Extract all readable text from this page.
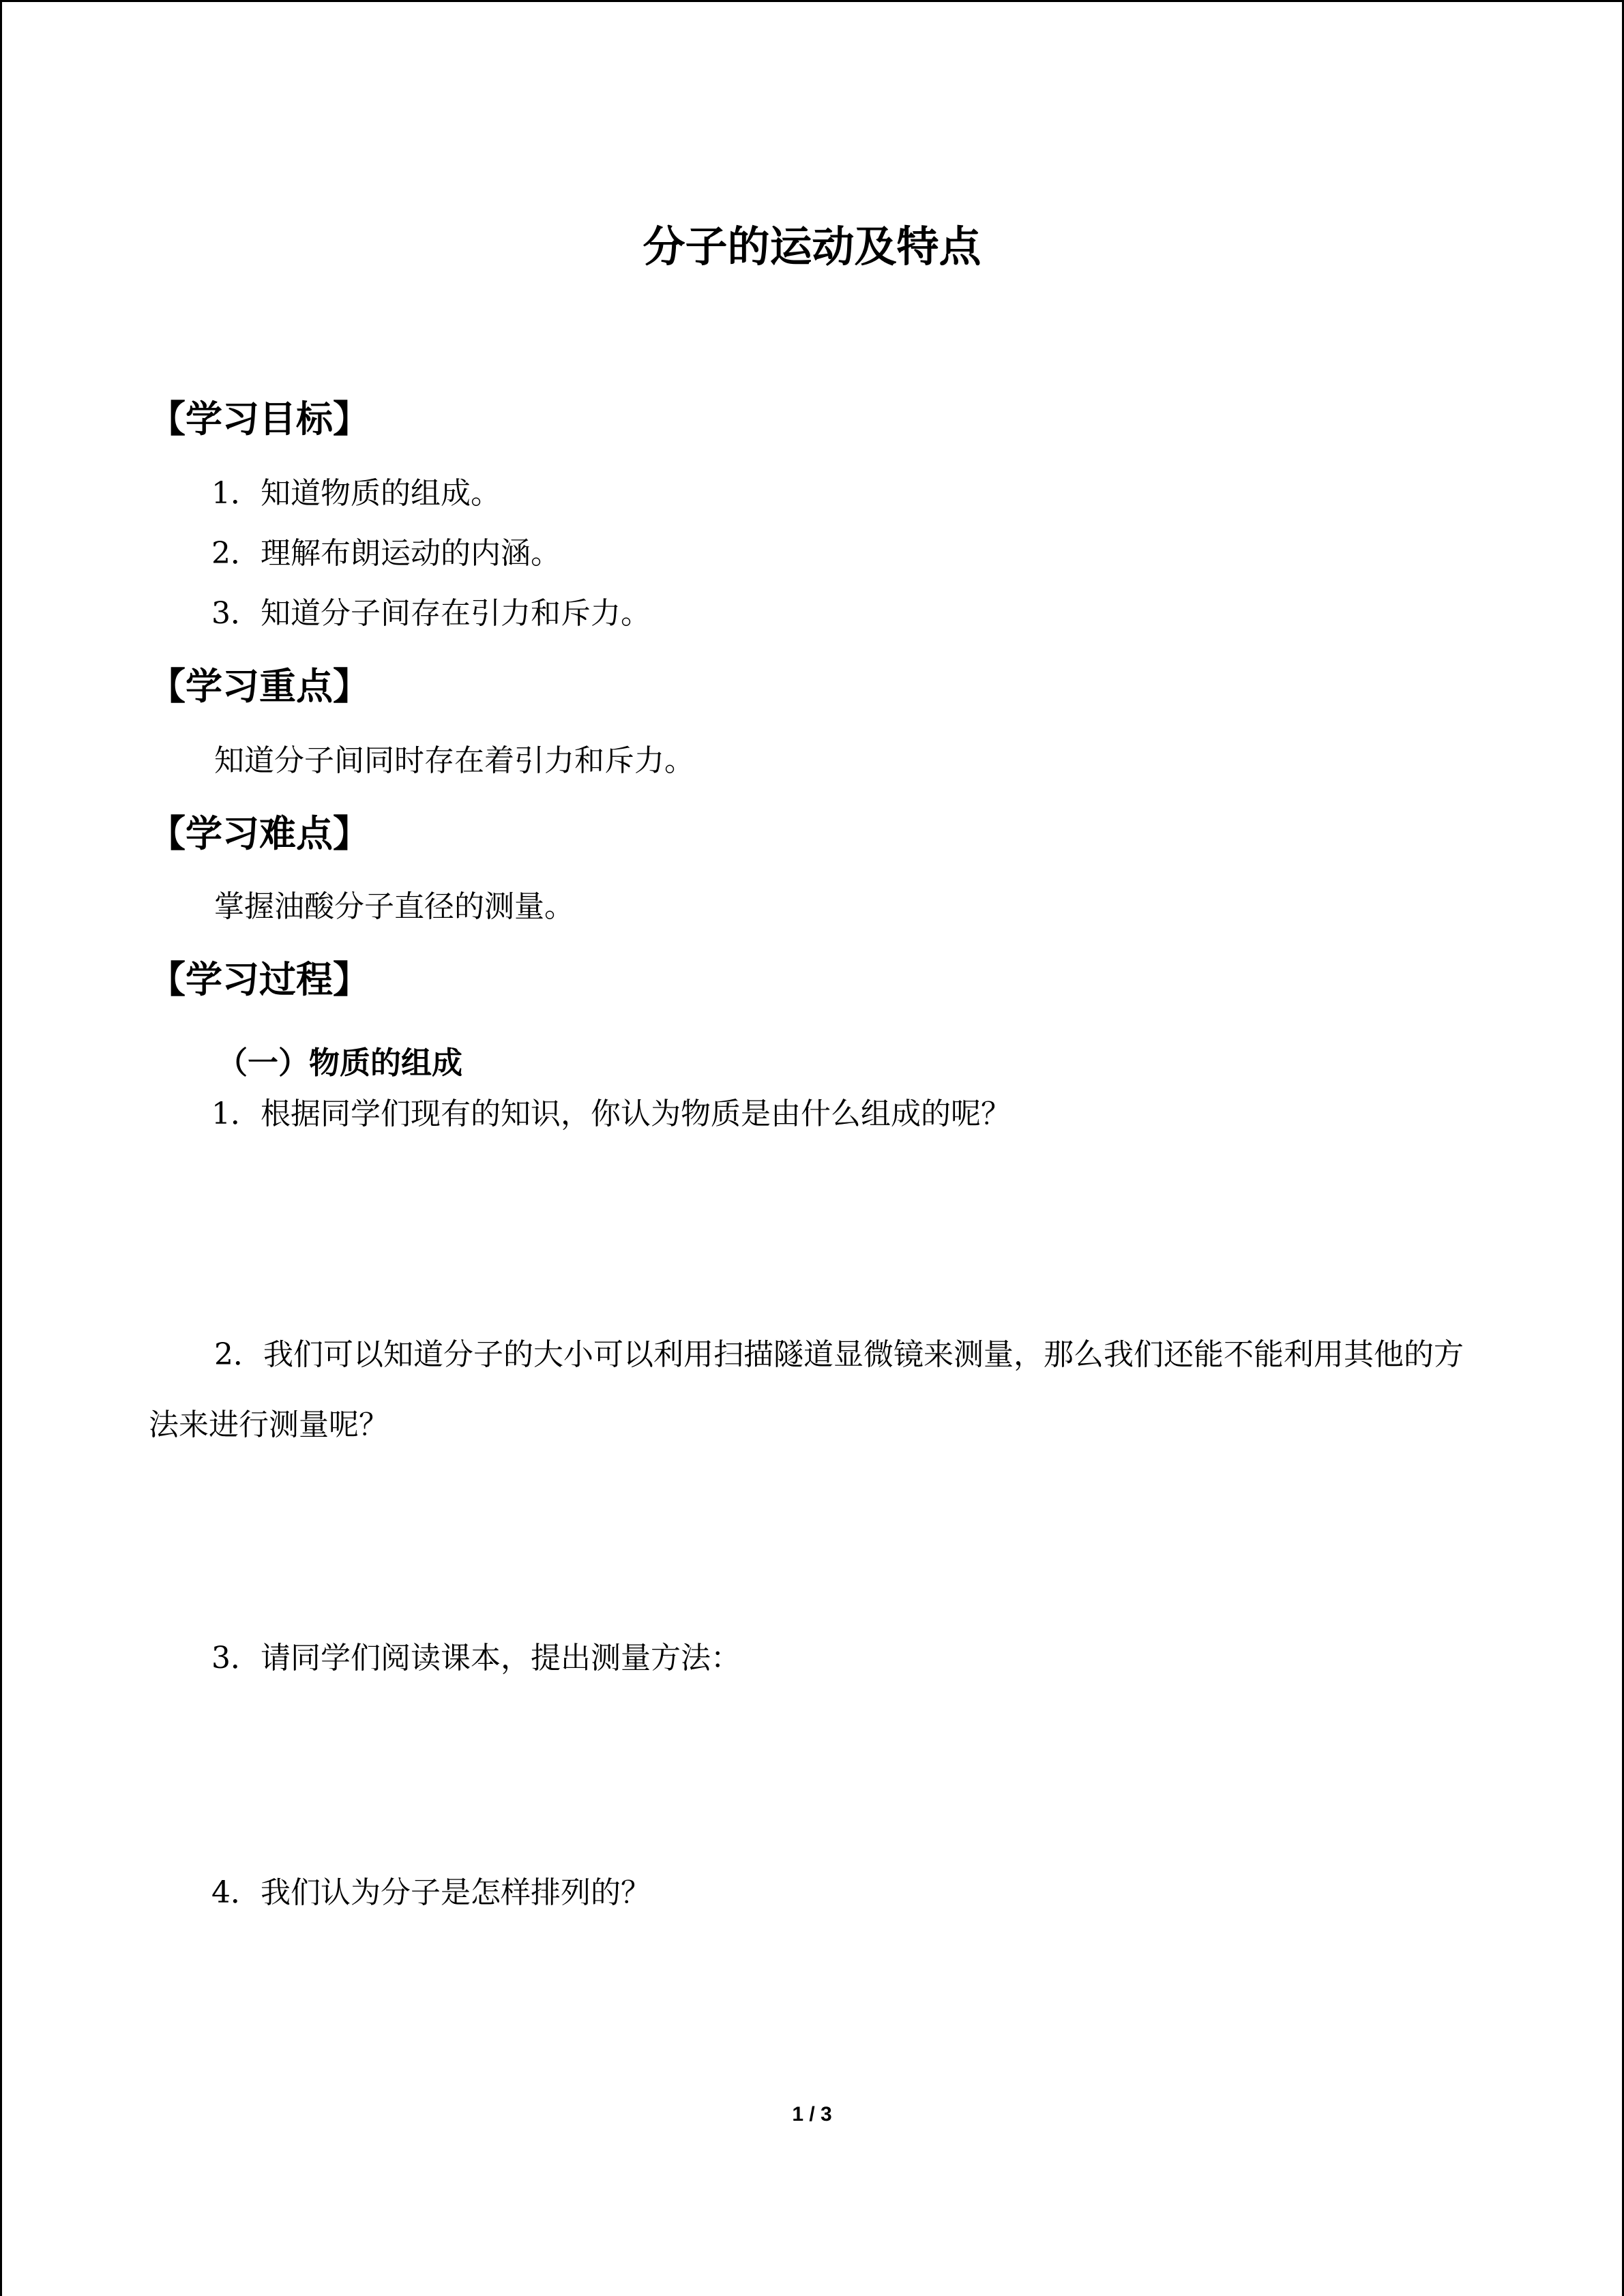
分子的运动及特点
【学习目标】
1．知道物质的组成。
2．理解布朗运动的内涵。
3．知道分子间存在引力和斥力。
【学习重点】
知道分子间同时存在着引力和斥力。
【学习难点】
掌握油酸分子直径的测量。
【学习过程】
（一）物质的组成
1．根据同学们现有的知识，你认为物质是由什么组成的呢？
2．我们可以知道分子的大小可以利用扫描隧道显微镜来测量，那么我们还能不能利用其他的方法来进行测量呢？
3．请同学们阅读课本，提出测量方法：
4．我们认为分子是怎样排列的？
1 / 3
